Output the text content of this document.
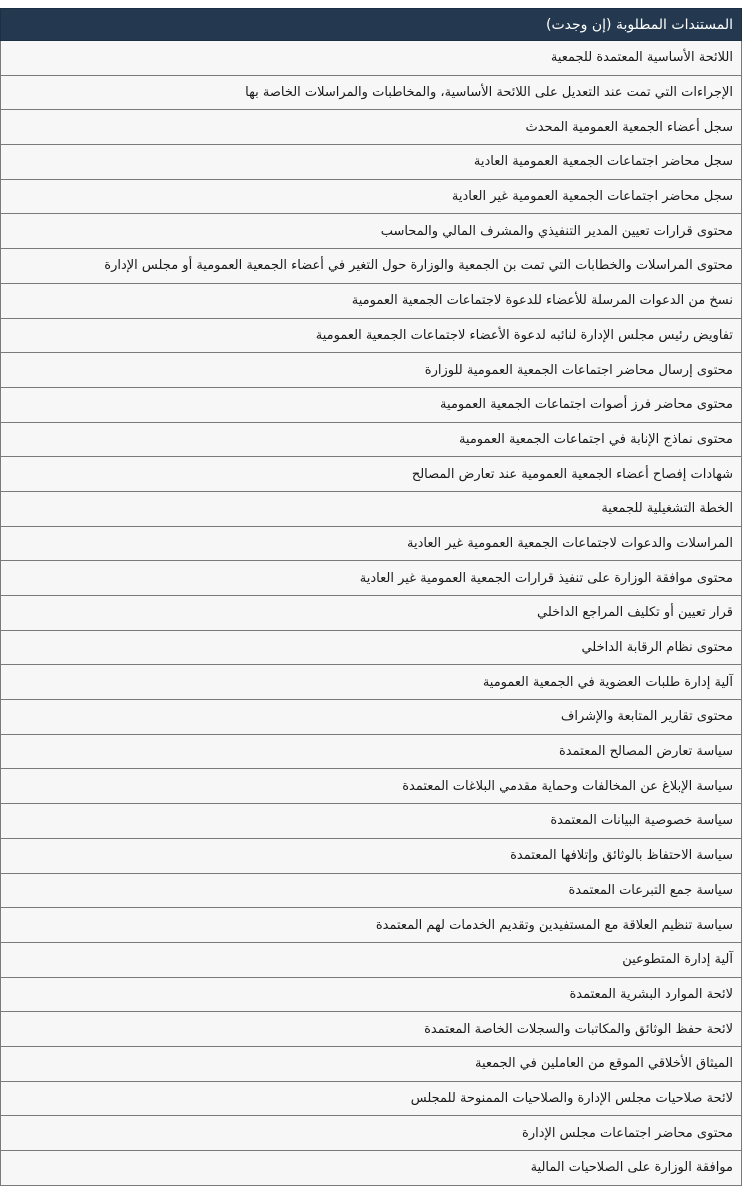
المستندات المطلوبة (إن وجدت)
اللائحة الأساسية المعتمدة للجمعية
الإجراءات التي تمت عند التعديل على اللائحة الأساسية، والمخاطبات والمراسلات الخاصة بها
سجل أعضاء الجمعية العمومية المحدث
سجل محاضر اجتماعات الجمعية العمومية العادية
سجل محاضر اجتماعات الجمعية العمومية غير العادية
محتوى قرارات تعيين المدير التنفيذي والمشرف المالي والمحاسب
محتوى المراسلات والخطابات التي تمت بن الجمعية والوزارة حول التغير في أعضاء الجمعية العمومية أو مجلس الإدارة
نسخ من الدعوات المرسلة للأعضاء للدعوة لاجتماعات الجمعية العمومية
تفاويض رئيس مجلس الإدارة لنائبه لدعوة الأعضاء لاجتماعات الجمعية العمومية
محتوى إرسال محاضر اجتماعات الجمعية العمومية للوزارة
محتوى محاضر فرز أصوات اجتماعات الجمعية العمومية
محتوى نماذج الإنابة في اجتماعات الجمعية العمومية
شهادات إفصاح أعضاء الجمعية العمومية عند تعارض المصالح
الخطة التشغيلية للجمعية
المراسلات والدعوات لاجتماعات الجمعية العمومية غير العادية
محتوى موافقة الوزارة على تنفيذ قرارات الجمعية العمومية غير العادية
قرار تعيين أو تكليف المراجع الداخلي
محتوى نظام الرقابة الداخلي
آلية إدارة طلبات العضوية في الجمعية العمومية
محتوى تقارير المتابعة والإشراف
سياسة تعارض المصالح المعتمدة
سياسة الإبلاغ عن المخالفات وحماية مقدمي البلاغات المعتمدة
سياسة خصوصية البيانات المعتمدة
سياسة الاحتفاظ بالوثائق وإتلافها المعتمدة
سياسة جمع التبرعات المعتمدة
سياسة تنظيم العلاقة مع المستفيدين وتقديم الخدمات لهم المعتمدة
آلية إدارة المتطوعين
لائحة الموارد البشرية المعتمدة
لائحة حفظ الوثائق والمكاتبات والسجلات الخاصة المعتمدة
الميثاق الأخلاقي الموقع من العاملين في الجمعية
لائحة صلاحيات مجلس الإدارة والصلاحيات الممنوحة للمجلس
محتوى محاضر اجتماعات مجلس الإدارة
موافقة الوزارة على الصلاحيات المالية
